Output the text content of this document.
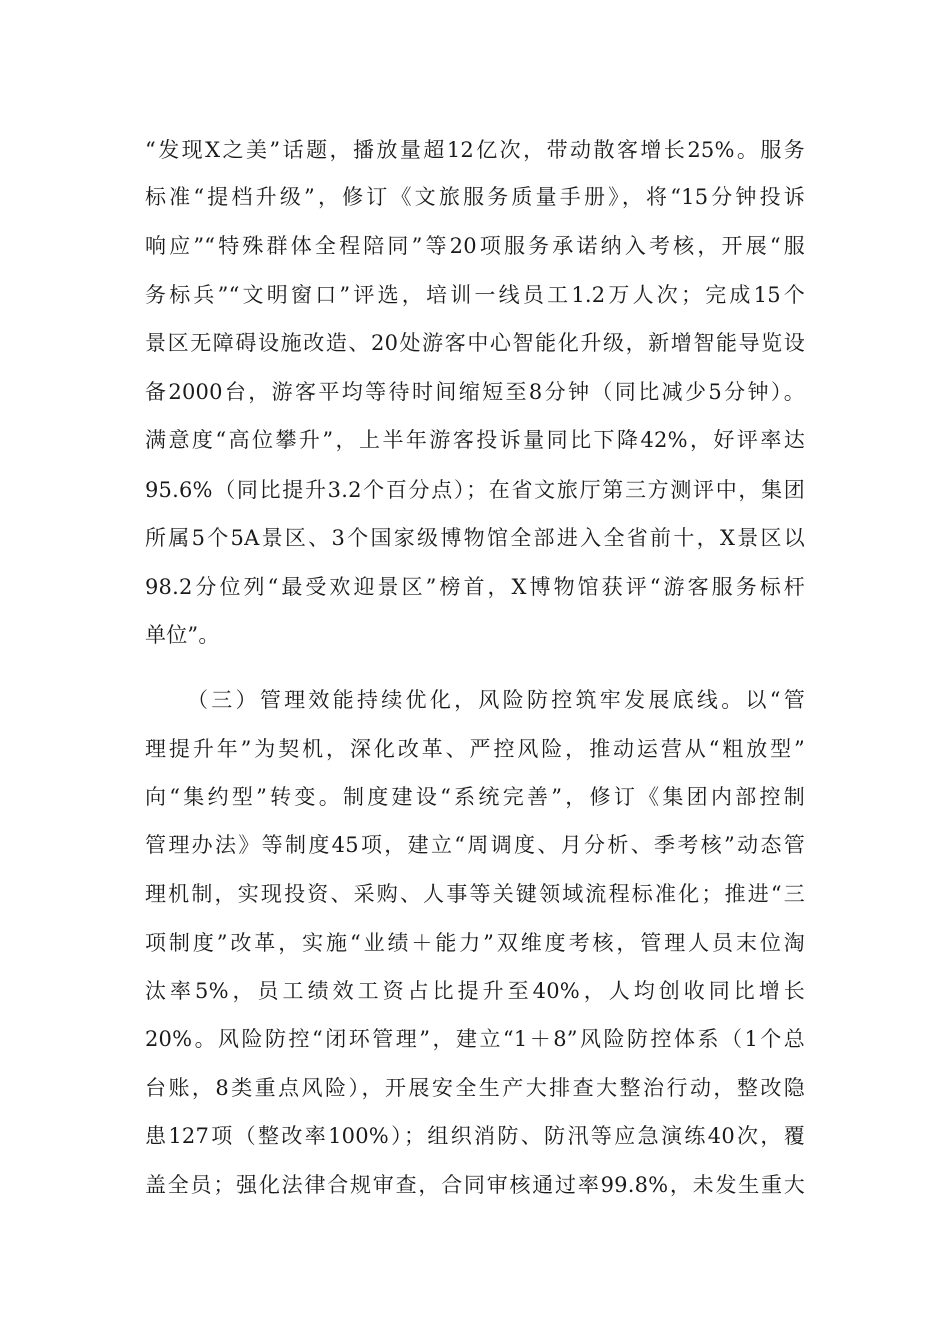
“发现X之美”话题，播放量超12亿次，带动散客增长25%。服务
标准“提档升级”，修订《文旅服务质量手册》，将“15分钟投诉
响应”“特殊群体全程陪同”等20项服务承诺纳入考核，开展“服
务标兵”“文明窗口”评选，培训一线员工1.2万人次；完成15个
景区无障碍设施改造、20处游客中心智能化升级，新增智能导览设
备2000台，游客平均等待时间缩短至8分钟（同比减少5分钟）。
满意度“高位攀升”，上半年游客投诉量同比下降42%，好评率达
95.6%（同比提升3.2个百分点）；在省文旅厅第三方测评中，集团
所属5个5A景区、3个国家级博物馆全部进入全省前十，X景区以
98.2分位列“最受欢迎景区”榜首，X博物馆获评“游客服务标杆
单位”。
（三）管理效能持续优化，风险防控筑牢发展底线。以“管
理提升年”为契机，深化改革、严控风险，推动运营从“粗放型”
向“集约型”转变。制度建设“系统完善”，修订《集团内部控制
管理办法》等制度45项，建立“周调度、月分析、季考核”动态管
理机制，实现投资、采购、人事等关键领域流程标准化；推进“三
项制度”改革，实施“业绩＋能力”双维度考核，管理人员末位淘
汰率5%，员工绩效工资占比提升至40%，人均创收同比增长
20%。风险防控“闭环管理”，建立“1＋8”风险防控体系（1个总
台账，8类重点风险），开展安全生产大排查大整治行动，整改隐
患127项（整改率100%）；组织消防、防汛等应急演练40次，覆
盖全员；强化法律合规审查，合同审核通过率99.8%，未发生重大
